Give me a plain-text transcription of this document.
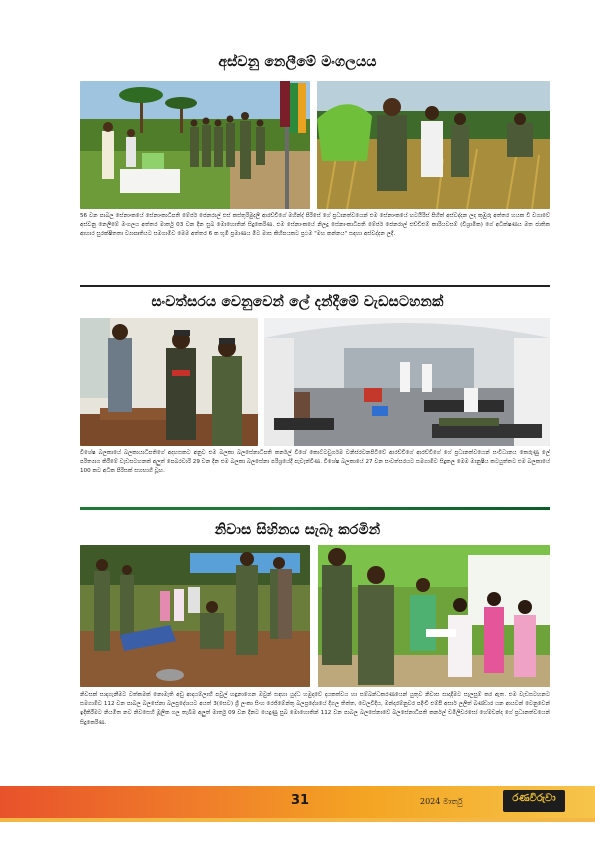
අස්වනු නෙලීමේ මංගලයය
56 වන පාබල සේනාංකයේ සේනාංකාධිපති මේජර් ජෙනරාල් එස් කස්තුරිමුදලි ආරච්චිගේ මහින්ද් පිරිසේ ගේ ප්‍රධානත්වයෙන් එම සේනාංකයේ හටයිරිස් පිහිත් අස්වද්දන ලද කුඹුරු අත්තර හයක වී වගාවේ අස්වනු නෙලීමේ මංගලය අත්තර මාර්තු 03 වන දින සුබ මොහොතින් සිදුකෙරිණ. එම සේනාංකයේ නිලදු සේනාංකාධිපති මේජර් ජෙනරාල් එච්ඩීඑම් කාරියවසම් (විශ්‍රාමික) ගේ අධීක්ෂණය මත ජාතික ආහාර සුරක්ෂිතතා ව්‍යාපෘතියට සමගාමීව මෙම අත්තර 6 ක භූමි ප්‍රමාණය මිට මාස කිහිපයකට ප්‍රථම "මහ කන්නය" සඳහා අස්වද්දන ලදි.
සංවත්සරය වෙනුවෙන් ලේ දන්දීමේ වැඩසටහනක්
විශේෂ බලකායේ බලකායාධිපතිගේ අදහසකට අනුව එම බලකා බලසේනාධිපති කර්නල් විශේ කොට්ටවුර්ගම වනිස්රවනපිටිවේ ආරච්චිගේ ආරච්චිගේ ගේ ප්‍රධානත්වයෙන් සංවිධානය කෙරුණු ලේ පරිත්‍යාග කිරීමේ වැඩසටහනක් අලුත් පෙබරවාරි 29 වන දින එම බලකා බලසේනා පරිශ්‍රයේදී පැවැත්විණ. විශේෂ බලකායේ 27 වන සංවත්සරයට සමගාමීව සිදුකල මෙම මානුෂීය කටයුත්තට එම බලකායේ 100 කට අධික පිරිසක් සහභාගී වූහ.
නිවාස සිහිනය සැබෑ කරමින්
නිවසක් සාදාගැනීමට වත්කමක් නොමැති අඩු ආදායම්ලාභී පවුල් හඳුනාගෙන ඔවුන් සඳහා යුද්ධ හමුදාවේ දායකත්වය හා සම්බන්ධකරණයෙන් යුතුව නිවාස සාදාදීමට සැලසුම් කර ඇත. එම වැඩසටහනට සමගාමීව 112 වන පාබල බලසේනා බලප්‍රදේශයට අයත් 3(සෙව) ශ්‍රී ලංකා සිංහ රෙජිමේන්තු බලප්‍රදේශයේ දිගල තිත්ත, වෙලවිදිය, මන්දාරම්නුවර පදිංචි එම්පී අසාර් ලලිත් බණ්ඩාර යන ආයවන් වෙනුවෙන් ඉදිකිරීමට නියමිත නව නිවසෙහි මූලික ගල තැබීම අලුත් මාර්තු 09 වන දිනට යෙදුණු සුබ මොහොතින් 112 වන පාබල බලසේනාවේ බලසේනාධිපති කර්නල් චමිලිචරසෝ හේමචන්ද ගේ ප්‍රධානත්වයෙන් සිදුකෙරිණ.
31	2024 මාර්තු	රණවිරුවා
